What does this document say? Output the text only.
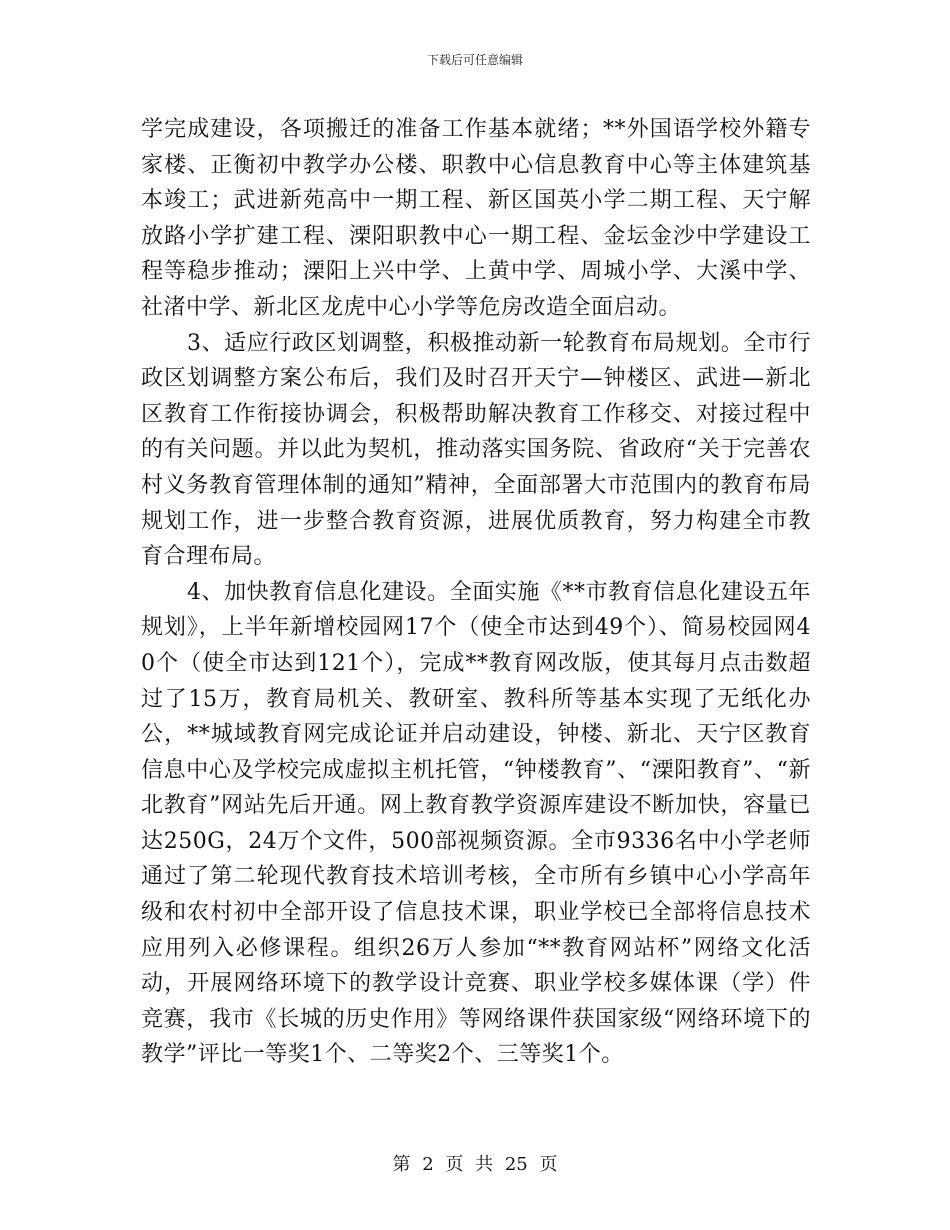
下载后可任意编辑

学完成建设，各项搬迁的准备工作基本就绪；**外国语学校外籍专家楼、正衡初中教学办公楼、职教中心信息教育中心等主体建筑基本竣工；武进新苑高中一期工程、新区国英小学二期工程、天宁解放路小学扩建工程、溧阳职教中心一期工程、金坛金沙中学建设工程等稳步推动；溧阳上兴中学、上黄中学、周城小学、大溪中学、社渚中学、新北区龙虎中心小学等危房改造全面启动。

3、适应行政区划调整，积极推动新一轮教育布局规划。全市行政区划调整方案公布后，我们及时召开天宁—钟楼区、武进—新北区教育工作衔接协调会，积极帮助解决教育工作移交、对接过程中的有关问题。并以此为契机，推动落实国务院、省政府“关于完善农村义务教育管理体制的通知”精神，全面部署大市范围内的教育布局规划工作，进一步整合教育资源，进展优质教育，努力构建全市教育合理布局。

4、加快教育信息化建设。全面实施《**市教育信息化建设五年规划》，上半年新增校园网17个（使全市达到49个）、简易校园网40个（使全市达到121个），完成**教育网改版，使其每月点击数超过了15万，教育局机关、教研室、教科所等基本实现了无纸化办公，**城域教育网完成论证并启动建设，钟楼、新北、天宁区教育信息中心及学校完成虚拟主机托管，“钟楼教育”、“溧阳教育”、“新北教育”网站先后开通。网上教育教学资源库建设不断加快，容量已达250G，24万个文件，500部视频资源。全市9336名中小学老师通过了第二轮现代教育技术培训考核，全市所有乡镇中心小学高年级和农村初中全部开设了信息技术课，职业学校已全部将信息技术应用列入必修课程。组织26万人参加“**教育网站杯”网络文化活动，开展网络环境下的教学设计竞赛、职业学校多媒体课（学）件竞赛，我市《长城的历史作用》等网络课件获国家级“网络环境下的教学”评比一等奖1个、二等奖2个、三等奖1个。

第 2 页 共 25 页
